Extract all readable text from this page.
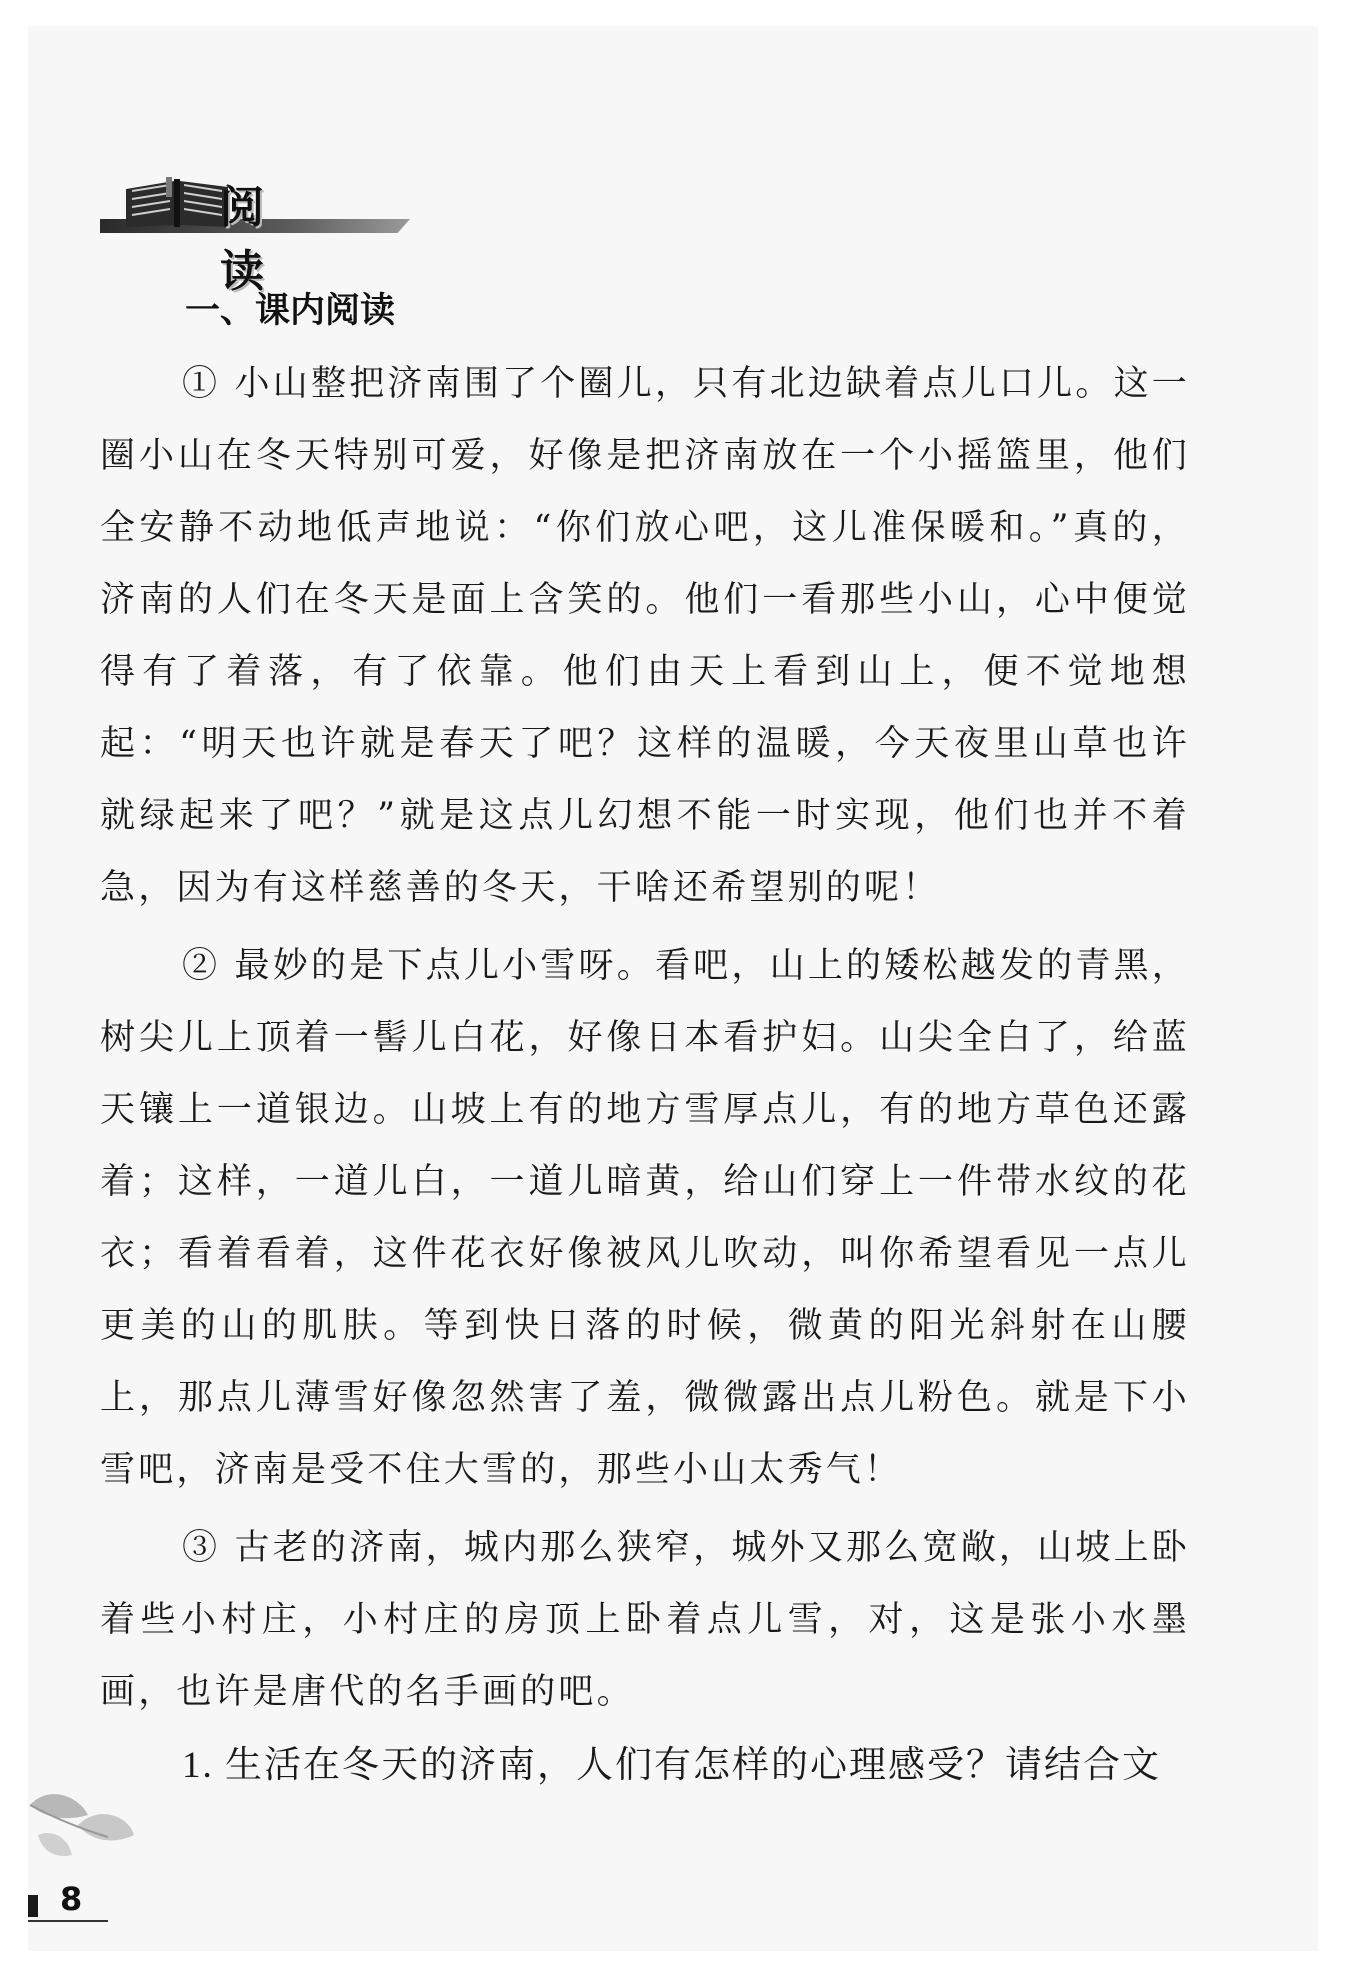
阅 读
一、课内阅读

① 小山整把济南围了个圈儿，只有北边缺着点儿口儿。这一圈小山在冬天特别可爱，好像是把济南放在一个小摇篮里，他们全安静不动地低声地说：“你们放心吧，这儿准保暖和。”真的，济南的人们在冬天是面上含笑的。他们一看那些小山，心中便觉得有了着落，有了依靠。他们由天上看到山上，便不觉地想起：“明天也许就是春天了吧？这样的温暖，今天夜里山草也许就绿起来了吧？”就是这点儿幻想不能一时实现，他们也并不着急，因为有这样慈善的冬天，干啥还希望别的呢！

② 最妙的是下点儿小雪呀。看吧，山上的矮松越发的青黑，树尖儿上顶着一髻儿白花，好像日本看护妇。山尖全白了，给蓝天镶上一道银边。山坡上有的地方雪厚点儿，有的地方草色还露着；这样，一道儿白，一道儿暗黄，给山们穿上一件带水纹的花衣；看着看着，这件花衣好像被风儿吹动，叫你希望看见一点儿更美的山的肌肤。等到快日落的时候，微黄的阳光斜射在山腰上，那点儿薄雪好像忽然害了羞，微微露出点儿粉色。就是下小雪吧，济南是受不住大雪的，那些小山太秀气！

③ 古老的济南，城内那么狭窄，城外又那么宽敞，山坡上卧着些小村庄，小村庄的房顶上卧着点儿雪，对，这是张小水墨画，也许是唐代的名手画的吧。

1. 生活在冬天的济南，人们有怎样的心理感受？请结合文

8
